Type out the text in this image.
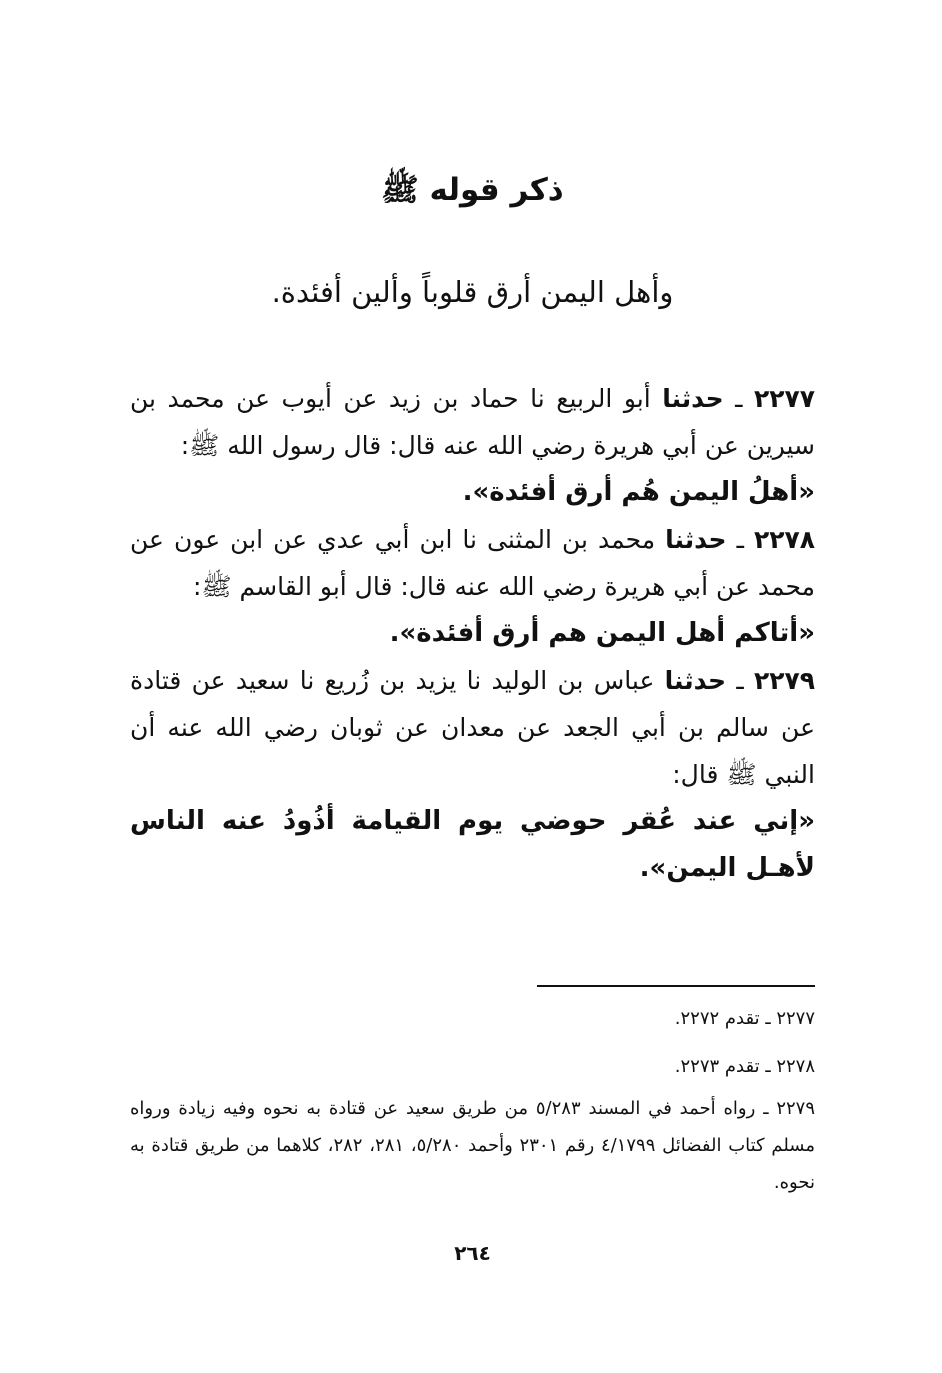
ذكر قوله ﷺ
وأهل اليمن أرق قلوباً وألين أفئدة.

٢٢٧٧ ـ حدثنا أبو الربيع نا حماد بن زيد عن أيوب عن محمد بن سيرين عن أبي هريرة رضي الله عنه قال: قال رسول الله ﷺ:

«أهلُ اليمن هُم أرق أفئدة».

٢٢٧٨ ـ حدثنا محمد بن المثنى نا ابن أبي عدي عن ابن عون عن محمد عن أبي هريرة رضي الله عنه قال: قال أبو القاسم ﷺ:

«أتاكم أهل اليمن هم أرق أفئدة».

٢٢٧٩ ـ حدثنا عباس بن الوليد نا يزيد بن زُريع نا سعيد عن قتادة عن سالم بن أبي الجعد عن معدان عن ثوبان رضي الله عنه أن النبي ﷺ قال:

«إني عند عُقر حوضي يوم القيامة أذُودُ عنه الناس لأهـل اليمن».

٢٢٧٧ ـ تقدم ٢٢٧٢.

٢٢٧٨ ـ تقدم ٢٢٧٣.

٢٢٧٩ ـ رواه أحمد في المسند ٥/٢٨٣ من طريق سعيد عن قتادة به نحوه وفيه زيادة ورواه مسلم كتاب الفضائل ٤/١٧٩٩ رقم ٢٣٠١ وأحمد ٥/٢٨٠، ٢٨١، ٢٨٢، كلاهما من طريق قتادة به نحوه.

٢٦٤
